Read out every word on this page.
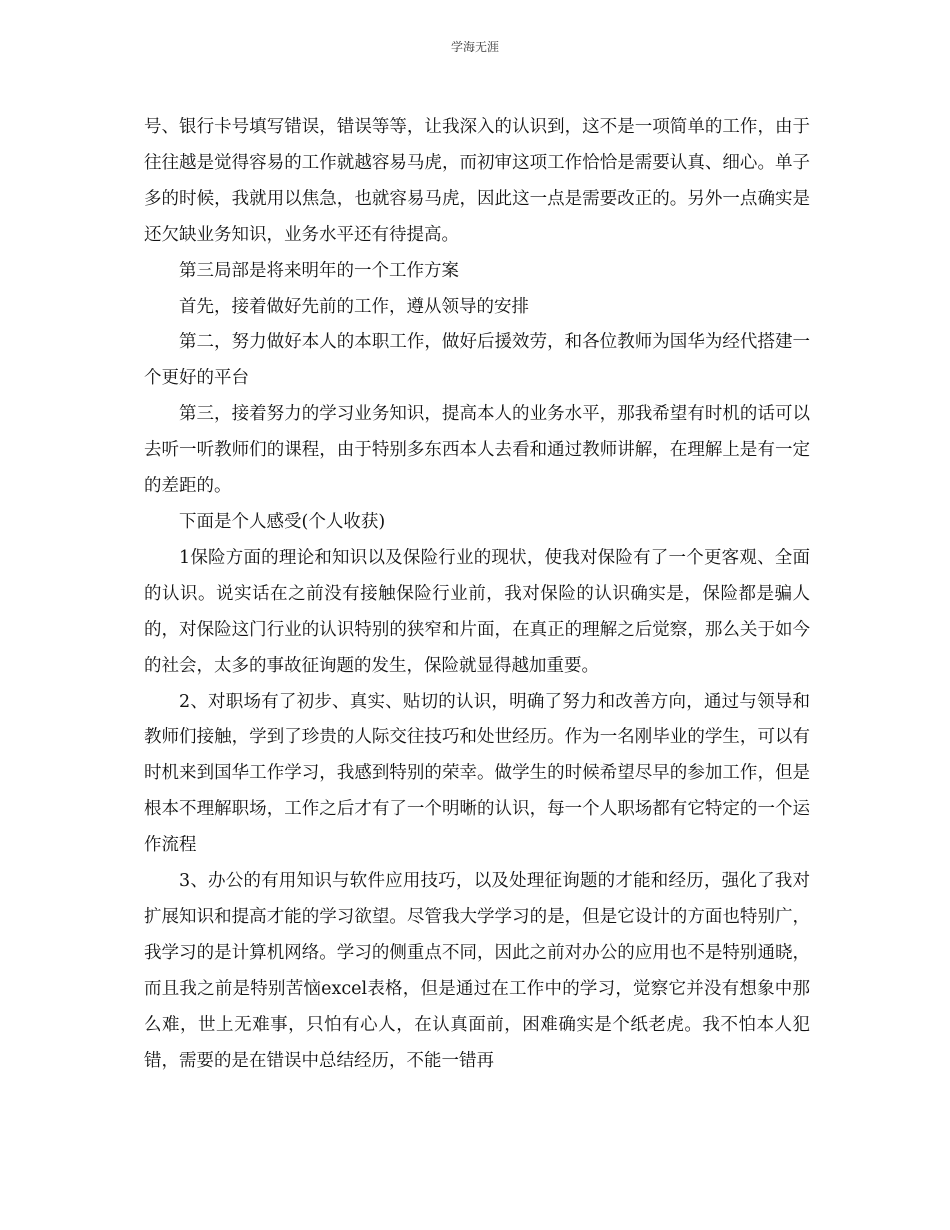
学海无涯

号、银行卡号填写错误，错误等等，让我深入的认识到，这不是一项简单的工作，由于往往越是觉得容易的工作就越容易马虎，而初审这项工作恰恰是需要认真、细心。单子多的时候，我就用以焦急，也就容易马虎，因此这一点是需要改正的。另外一点确实是还欠缺业务知识，业务水平还有待提高。

第三局部是将来明年的一个工作方案

首先，接着做好先前的工作，遵从领导的安排

第二，努力做好本人的本职工作，做好后援效劳，和各位教师为国华为经代搭建一个更好的平台

第三，接着努力的学习业务知识，提高本人的业务水平，那我希望有时机的话可以去听一听教师们的课程，由于特别多东西本人去看和通过教师讲解，在理解上是有一定的差距的。

下面是个人感受(个人收获)

1保险方面的理论和知识以及保险行业的现状，使我对保险有了一个更客观、全面的认识。说实话在之前没有接触保险行业前，我对保险的认识确实是，保险都是骗人的，对保险这门行业的认识特别的狭窄和片面，在真正的理解之后觉察，那么关于如今的社会，太多的事故征询题的发生，保险就显得越加重要。

2、对职场有了初步、真实、贴切的认识，明确了努力和改善方向，通过与领导和教师们接触，学到了珍贵的人际交往技巧和处世经历。作为一名刚毕业的学生，可以有时机来到国华工作学习，我感到特别的荣幸。做学生的时候希望尽早的参加工作，但是根本不理解职场，工作之后才有了一个明晰的认识，每一个人职场都有它特定的一个运作流程

3、办公的有用知识与软件应用技巧，以及处理征询题的才能和经历，强化了我对扩展知识和提高才能的学习欲望。尽管我大学学习的是，但是它设计的方面也特别广，我学习的是计算机网络。学习的侧重点不同，因此之前对办公的应用也不是特别通晓，而且我之前是特别苦恼excel表格，但是通过在工作中的学习，觉察它并没有想象中那么难，世上无难事，只怕有心人，在认真面前，困难确实是个纸老虎。我不怕本人犯错，需要的是在错误中总结经历，不能一错再
